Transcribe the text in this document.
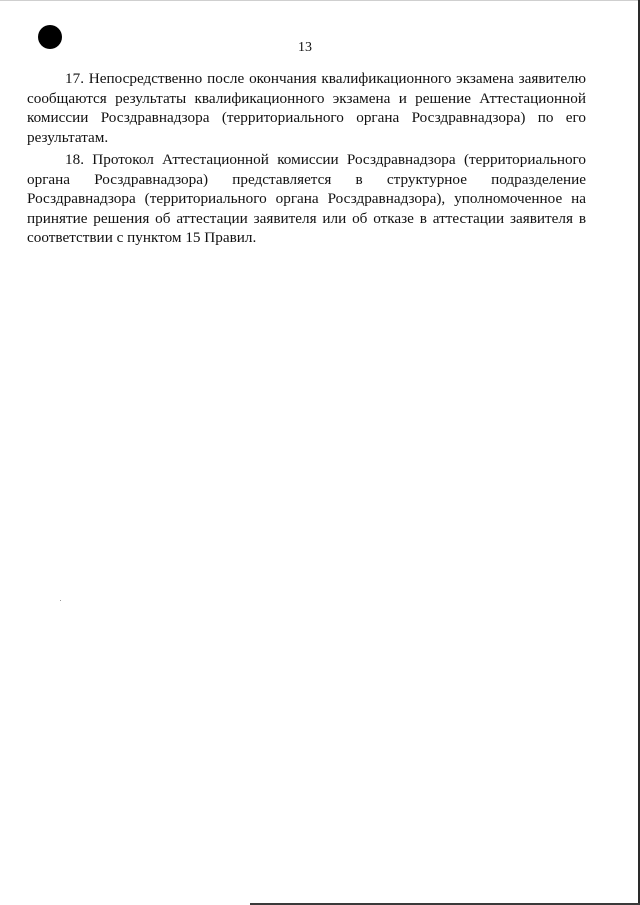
13

17. Непосредственно после окончания квалификационного экзамена заявителю сообщаются результаты квалификационного экзамена и решение Аттестационной комиссии Росздравнадзора (территориального органа Росздравнадзора) по его результатам.

18. Протокол Аттестационной комиссии Росздравнадзора (территориального органа Росздравнадзора) представляется в структурное подразделение Росздравнадзора (территориального органа Росздравнадзора), уполномоченное на принятие решения об аттестации заявителя или об отказе в аттестации заявителя в соответствии с пунктом 15 Правил.
